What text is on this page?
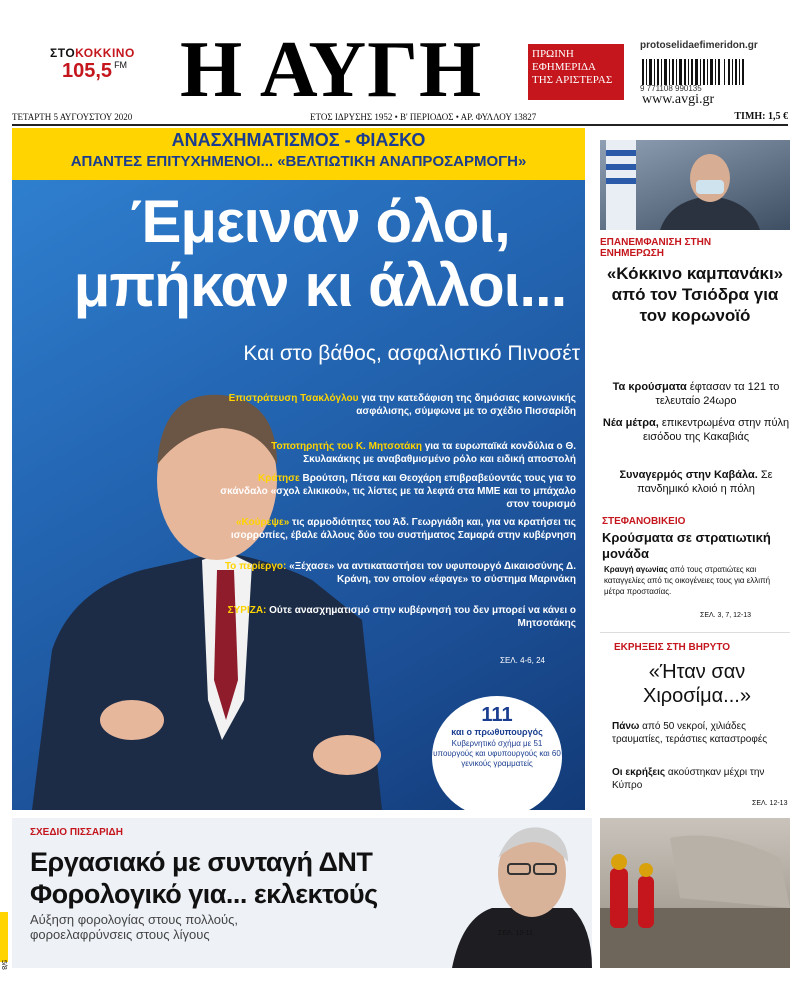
ΣΤΟΚΟΚΚΙΝΟ
105,5 $^{FM}$ Η ΑΥΓΗ	ΠΡΩΙΝΗ
ΕΦΗΜΕΡΙΔΑ
ΤΗΣ ΑΡΙΣΤΕΡΑΣ
protoselidaefimeridon.gr
9 771108 990135
www.avgi.gr
ΤΕΤΑΡΤΗ 5 ΑΥΓΟΥΣΤΟΥ 2020	ΕΤΟΣ ΙΔΡΥΣΗΣ 1952 • Β' ΠΕΡΙΟΔΟΣ • ΑΡ. ΦΥΛΛΟΥ 13827	ΤΙΜΗ: 1,5 €
ΑΝΑΣΧΗΜΑΤΙΣΜΟΣ - ΦΙΑΣΚΟ
ΑΠΑΝΤΕΣ ΕΠΙΤΥΧΗΜΕΝΟΙ... «ΒΕΛΤΙΩΤΙΚΗ ΑΝΑΠΡΟΣΑΡΜΟΓΗ»
Έμειναν όλοι,
μπήκαν κι άλλοι...
Και στο βάθος, ασφαλιστικό Πινοσέτ
Επιστράτευση Τσακλόγλου για την κατεδάφιση της δημόσιας κοινωνικής ασφάλισης, σύμφωνα με το σχέδιο Πισσαρίδη
Τοποτηρητής του Κ. Μητσοτάκη για τα ευρωπαϊκά κονδύλια ο Θ. Σκυλακάκης με αναβαθμισμένο ρόλο και ειδική αποστολή
Κράτησε Βρούτση, Πέτσα και Θεοχάρη επιβραβεύοντάς τους για το σκάνδαλο «σχολ ελικικού», τις λίστες με τα λεφτά στα ΜΜΕ και το μπάχαλο στον τουρισμό
«Κούρεψε» τις αρμοδιότητες του Άδ. Γεωργιάδη και, για να κρατήσει τις ισορροπίες, έβαλε άλλους δύο του συστήματος Σαμαρά στην κυβέρνηση
Το περίεργο: «Ξέχασε» να αντικαταστήσει τον υφυπουργό Δικαιοσύνης Δ. Κράνη, τον οποίον «έφαγε» το σύστημα Μαρινάκη
ΣΥΡΙΖΑ: Ούτε ανασχηματισμό στην κυβέρνησή του δεν μπορεί να κάνει ο Μητσοτάκης
ΣΕΛ. 4-6, 24
111
και ο πρωθυπουργός
Κυβερνητικό σχήμα με 51 υπουργούς και υφυπουργούς και 60 γενικούς γραμματείς
ΕΠΑΝΕΜΦΑΝΙΣΗ ΣΤΗΝ ΕΝΗΜΕΡΩΣΗ
«Κόκκινο καμπανάκι» από τον Τσιόδρα για τον κορωνοϊό
Τα κρούσματα έφτασαν τα 121 το τελευταίο 24ωρο
Νέα μέτρα, επικεντρωμένα στην πύλη εισόδου της Κακαβιάς
Συναγερμός στην Καβάλα. Σε πανδημικό κλοιό η πόλη
ΣΤΕΦΑΝΟΒΙΚΕΙΟ
Κρούσματα σε στρατιωτική μονάδα
Κραυγή αγωνίας από τους στρατιώτες και καταγγελίες από τις οικογένειες τους για ελλιπή μέτρα προστασίας.
ΣΕΛ. 3, 7, 12-13
ΕΚΡΗΞΕΙΣ ΣΤΗ ΒΗΡΥΤΟ
«Ήταν σαν Χιροσίμα...»
Πάνω από 50 νεκροί, χιλιάδες τραυματίες, τεράστιες καταστροφές
Οι εκρήξεις ακούστηκαν μέχρι την Κύπρο
ΣΕΛ. 12-13
ΣΧΕΔΙΟ ΠΙΣΣΑΡΙΔΗ
Εργασιακό με συνταγή ΔΝΤ
Φορολογικό για... εκλεκτούς
Αύξηση φορολογίας στους πολλούς,
φοροελαφρύνσεις στους λίγους	ΣΕΛ. 10-11
5/8
